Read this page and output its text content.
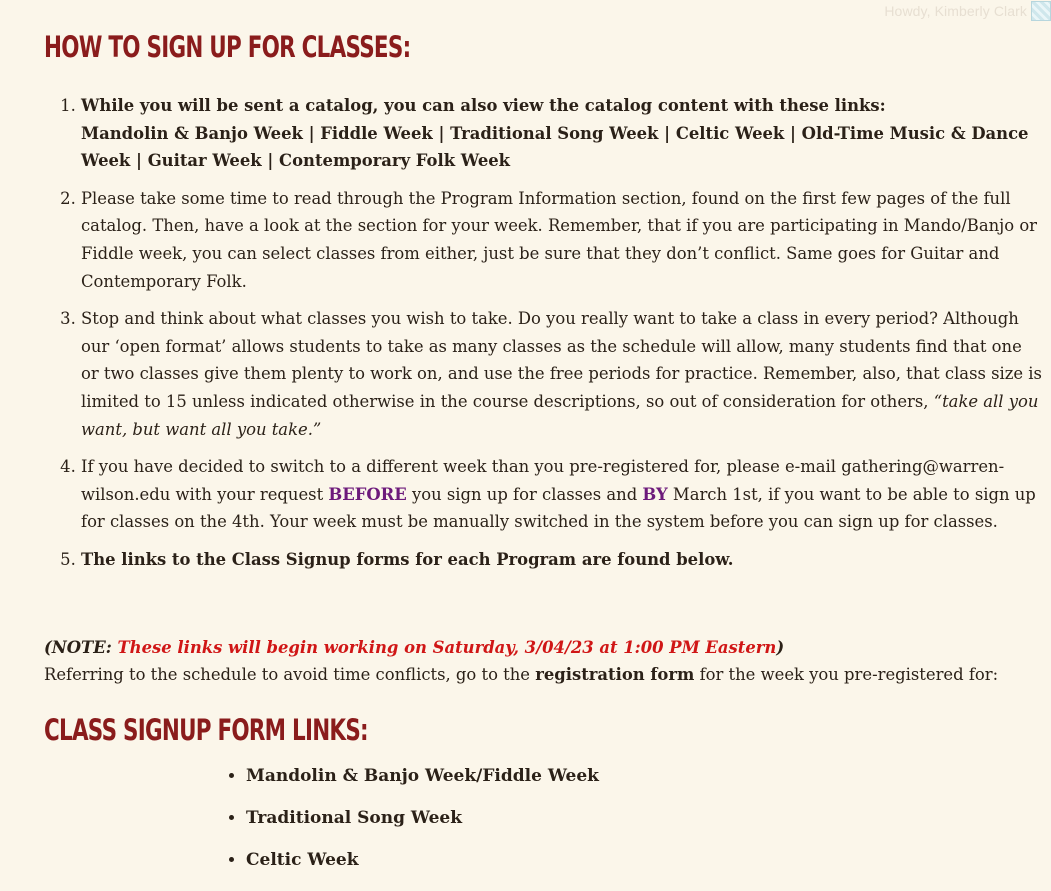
Howdy, Kimberly Clark
HOW TO SIGN UP FOR CLASSES:
1. While you will be sent a catalog, you can also view the catalog content with these links:
Mandolin & Banjo Week | Fiddle Week | Traditional Song Week | Celtic Week | Old-Time Music & Dance Week | Guitar Week | Contemporary Folk Week
2. Please take some time to read through the Program Information section, found on the first few pages of the full catalog. Then, have a look at the section for your week. Remember, that if you are participating in Mando/Banjo or Fiddle week, you can select classes from either, just be sure that they don’t conflict. Same goes for Guitar and Contemporary Folk.
3. Stop and think about what classes you wish to take. Do you really want to take a class in every period? Although our ‘open format’ allows students to take as many classes as the schedule will allow, many students find that one or two classes give them plenty to work on, and use the free periods for practice. Remember, also, that class size is limited to 15 unless indicated otherwise in the course descriptions, so out of consideration for others, “take all you want, but want all you take.”
4. If you have decided to switch to a different week than you pre-registered for, please e-mail gathering@warren-wilson.edu with your request BEFORE you sign up for classes and BY March 1st, if you want to be able to sign up for classes on the 4th. Your week must be manually switched in the system before you can sign up for classes.
5. The links to the Class Signup forms for each Program are found below.
(NOTE: These links will begin working on Saturday, 3/04/23 at 1:00 PM Eastern)
Referring to the schedule to avoid time conflicts, go to the registration form for the week you pre-registered for:
CLASS SIGNUP FORM LINKS:
• Mandolin & Banjo Week/Fiddle Week
• Traditional Song Week
• Celtic Week
